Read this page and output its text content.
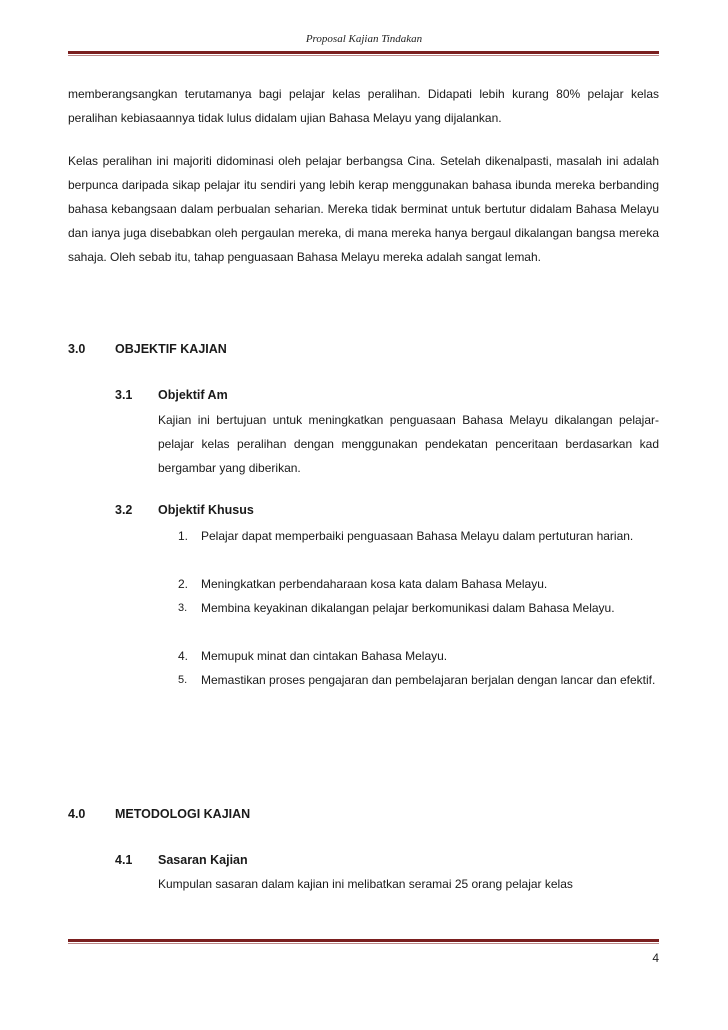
Proposal Kajian Tindakan
memberangsangkan terutamanya bagi pelajar kelas peralihan. Didapati lebih kurang 80% pelajar kelas peralihan kebiasaannya tidak lulus didalam ujian Bahasa Melayu yang dijalankan.
Kelas peralihan ini majoriti didominasi oleh pelajar berbangsa Cina. Setelah dikenalpasti, masalah ini adalah berpunca daripada sikap pelajar itu sendiri yang lebih kerap menggunakan bahasa ibunda mereka berbanding bahasa kebangsaan dalam perbualan seharian. Mereka tidak berminat untuk bertutur didalam Bahasa Melayu dan ianya juga disebabkan oleh pergaulan mereka, di mana mereka hanya bergaul dikalangan bangsa mereka sahaja. Oleh sebab itu, tahap penguasaan Bahasa Melayu mereka adalah sangat lemah.
3.0 OBJEKTIF KAJIAN
3.1 Objektif Am
Kajian ini bertujuan untuk meningkatkan penguasaan Bahasa Melayu dikalangan pelajar-pelajar kelas peralihan dengan menggunakan pendekatan penceritaan berdasarkan kad bergambar yang diberikan.
3.2 Objektif Khusus
1. Pelajar dapat memperbaiki penguasaan Bahasa Melayu dalam pertuturan harian.
2. Meningkatkan perbendaharaan kosa kata dalam Bahasa Melayu.
3. Membina keyakinan dikalangan pelajar berkomunikasi dalam Bahasa Melayu.
4. Memupuk minat dan cintakan Bahasa Melayu.
5. Memastikan proses pengajaran dan pembelajaran berjalan dengan lancar dan efektif.
4.0 METODOLOGI KAJIAN
4.1 Sasaran Kajian
Kumpulan sasaran dalam kajian ini melibatkan seramai 25 orang pelajar kelas
4
